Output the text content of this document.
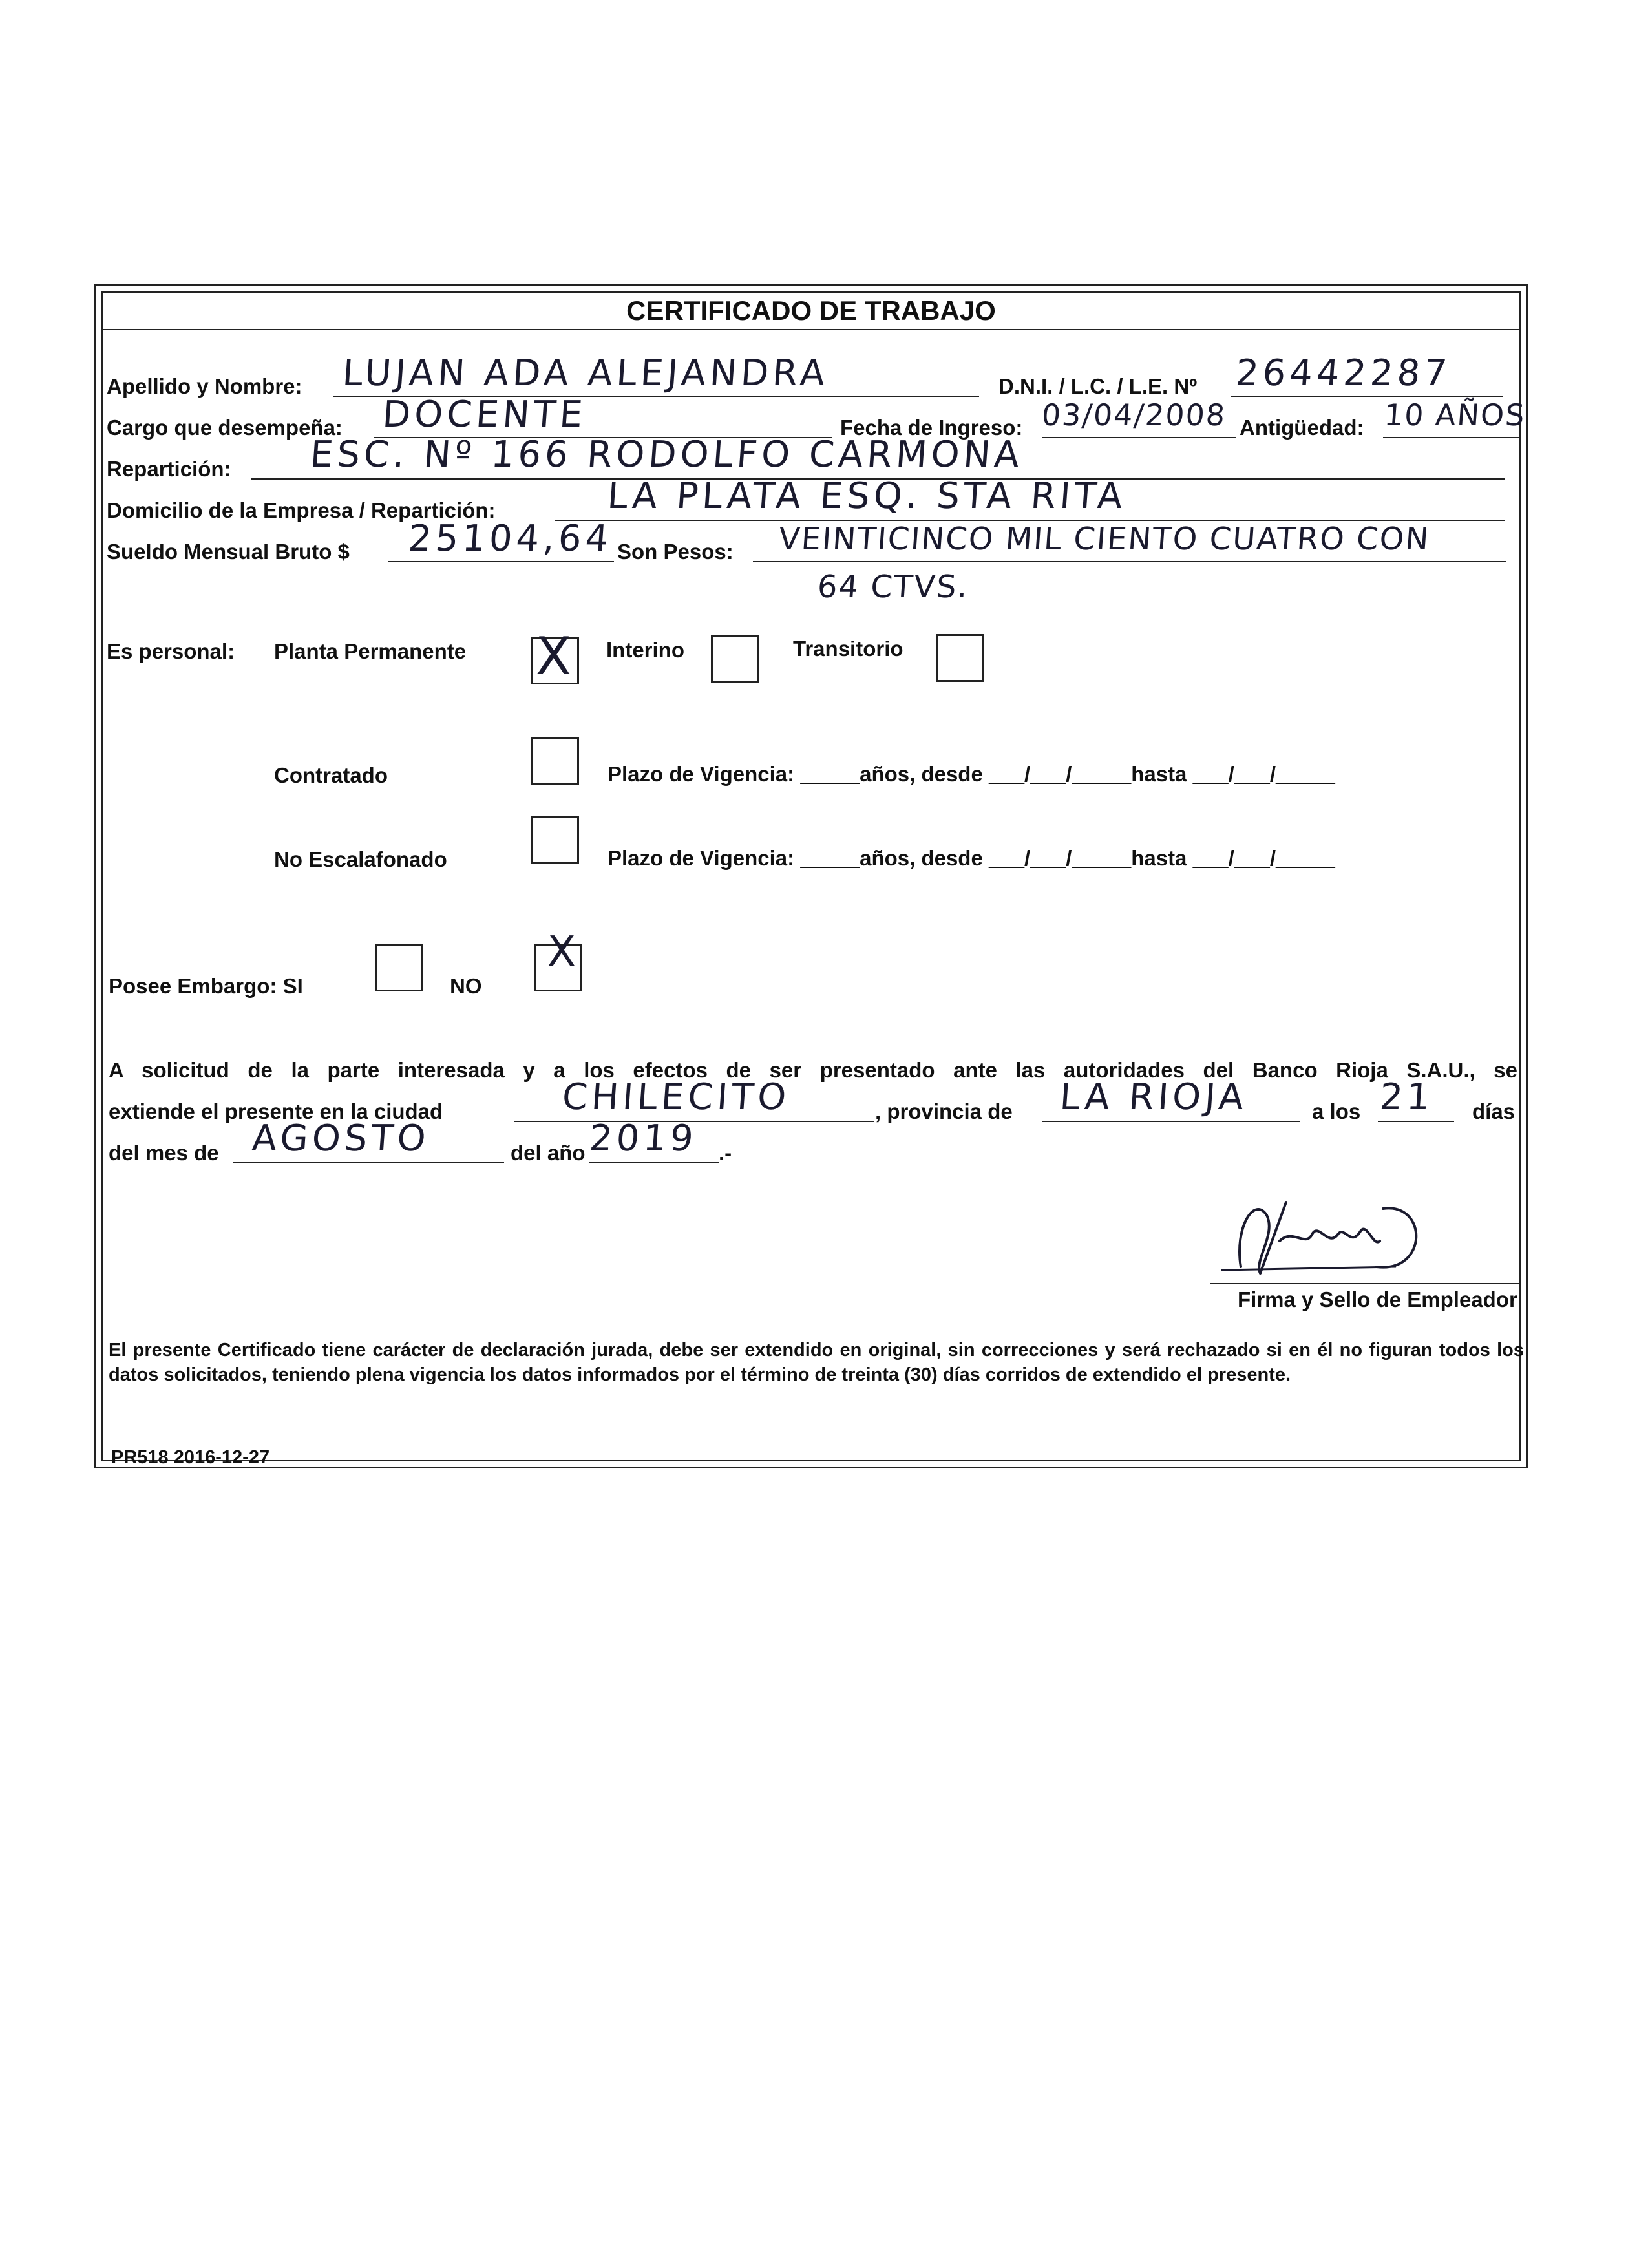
CERTIFICADO DE TRABAJO
Apellido y Nombre: LUJAN ADA ALEJANDRA	D.N.I. / L.C. / L.E. Nº 26442287
Cargo que desempeña: DOCENTE	Fecha de Ingreso: 03/04/2008 Antigüedad: 10 AÑOS
Repartición: ESC. Nº 166 RODOLFO CARMONA
Domicilio de la Empresa / Repartición:	LA PLATA ESQ. STA RITA
Sueldo Mensual Bruto $ 25104,64 Son Pesos: VEINTICINCO MIL CIENTO CUATRO CON
64 CTVS.
Es personal: Planta Permanente X Interino	Transitorio
Contratado	Plazo de Vigencia: _____años, desde ___/___/_____hasta ___/___/_____
No Escalafonado	Plazo de Vigencia: _____años, desde ___/___/_____hasta ___/___/_____
Posee Embargo: SI	NO
X
A solicitud de la parte interesada y a los efectos de ser presentado ante las autoridades del Banco Rioja S.A.U., se
extiende el presente en la ciudad	CHILECITO	, provincia de LA RIOJA	a los 21 días
del mes de AGOSTO	del año 2019 .-
Firma y Sello de Empleador
El presente Certificado tiene carácter de declaración jurada, debe ser extendido en original, sin correcciones y será rechazado si en él no figuran todos los datos solicitados, teniendo plena vigencia los datos informados por el término de treinta (30) días corridos de extendido el presente.
PR518 2016-12-27
